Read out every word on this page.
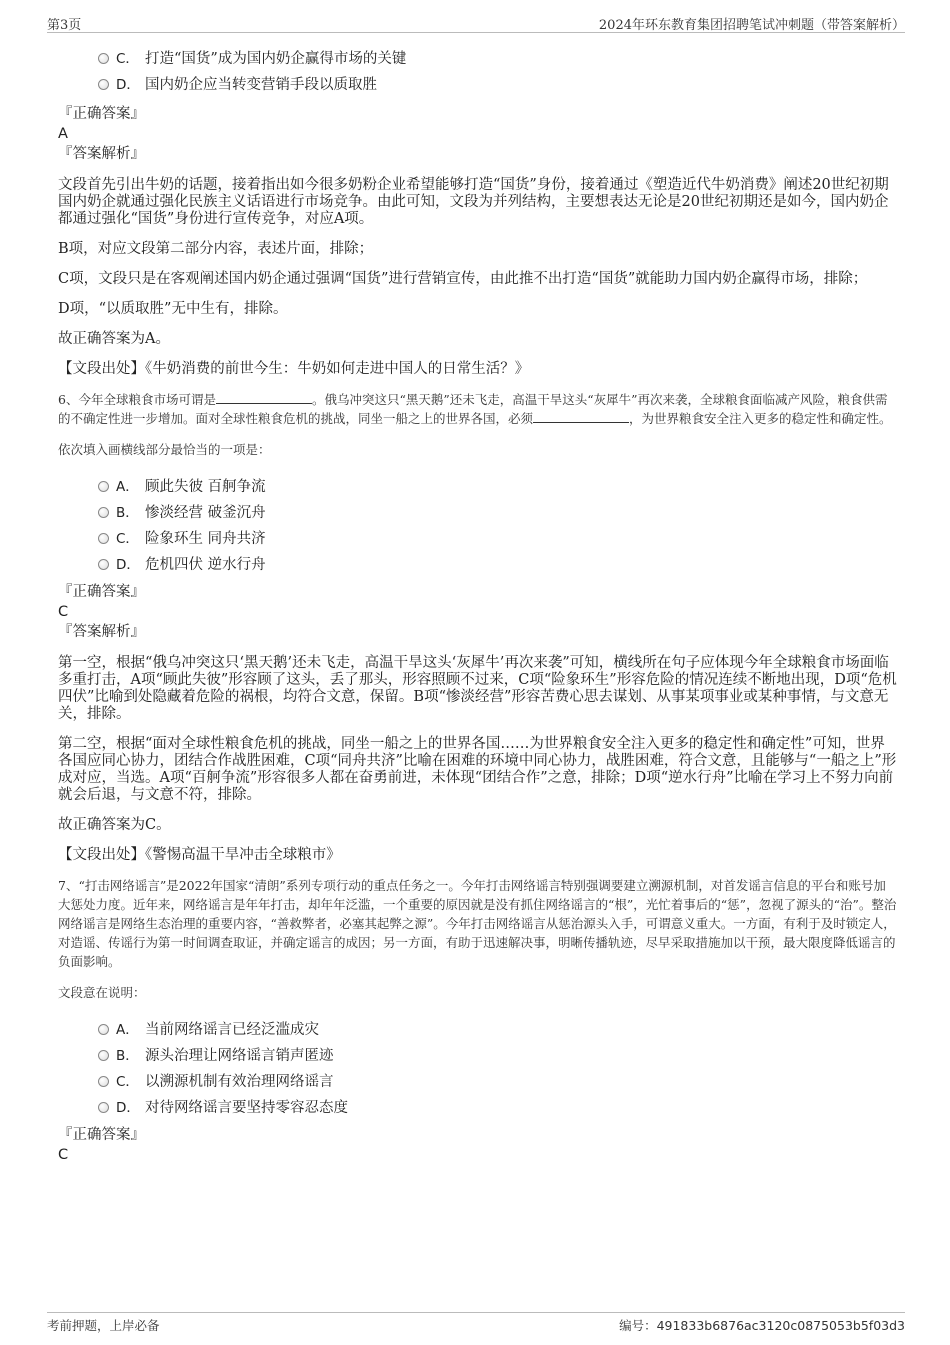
第3页	2024年环东教育集团招聘笔试冲刺题（带答案解析）
C． 打造“国货”成为国内奶企赢得市场的关键
D． 国内奶企应当转变营销手段以质取胜
『正确答案』
A
『答案解析』

文段首先引出牛奶的话题，接着指出如今很多奶粉企业希望能够打造“国货”身份，接着通过《塑造近代牛奶消费》阐述20世纪初期国内奶企就通过强化民族主义话语进行市场竞争。由此可知，文段为并列结构，主要想表达无论是20世纪初期还是如今，国内奶企都通过强化“国货”身份进行宣传竞争，对应A项。

B项，对应文段第二部分内容，表述片面，排除；

C项，文段只是在客观阐述国内奶企通过强调“国货”进行营销宣传，由此推不出打造“国货”就能助力国内奶企赢得市场，排除；

D项，“以质取胜”无中生有，排除。

故正确答案为A。

【文段出处】《牛奶消费的前世今生：牛奶如何走进中国人的日常生活？》

6、今年全球粮食市场可谓是	。俄乌冲突这只“黑天鹅”还未飞走，高温干旱这头“灰犀牛”再次来袭，全球粮食面临减产风险，粮食供需的不确定性进一步增加。面对全球性粮食危机的挑战，同坐一船之上的世界各国，必须	，为世界粮食安全注入更多的稳定性和确定性。

依次填入画横线部分最恰当的一项是：

A． 顾此失彼 百舸争流
B． 惨淡经营 破釜沉舟
C． 险象环生 同舟共济
D． 危机四伏 逆水行舟
『正确答案』
C
『答案解析』

第一空，根据“俄乌冲突这只‘黑天鹅’还未飞走，高温干旱这头‘灰犀牛’再次来袭”可知，横线所在句子应体现今年全球粮食市场面临多重打击，A项“顾此失彼”形容顾了这头，丢了那头，形容照顾不过来，C项“险象环生”形容危险的情况连续不断地出现，D项“危机四伏”比喻到处隐藏着危险的祸根，均符合文意，保留。B项“惨淡经营”形容苦费心思去谋划、从事某项事业或某种事情，与文意无关，排除。

第二空，根据“面对全球性粮食危机的挑战，同坐一船之上的世界各国……为世界粮食安全注入更多的稳定性和确定性”可知，世界各国应同心协力，团结合作战胜困难，C项“同舟共济”比喻在困难的环境中同心协力，战胜困难，符合文意，且能够与“一船之上”形成对应，当选。A项“百舸争流”形容很多人都在奋勇前进，未体现“团结合作”之意，排除；D项“逆水行舟”比喻在学习上不努力向前就会后退，与文意不符，排除。

故正确答案为C。

【文段出处】《警惕高温干旱冲击全球粮市》

7、“打击网络谣言”是2022年国家“清朗”系列专项行动的重点任务之一。今年打击网络谣言特别强调要建立溯源机制，对首发谣言信息的平台和账号加大惩处力度。近年来，网络谣言是年年打击，却年年泛滥，一个重要的原因就是没有抓住网络谣言的“根”，光忙着事后的“惩”，忽视了源头的“治”。整治网络谣言是网络生态治理的重要内容，“善救弊者，必塞其起弊之源”。今年打击网络谣言从惩治源头入手，可谓意义重大。一方面，有利于及时锁定人，对造谣、传谣行为第一时间调查取证，并确定谣言的成因；另一方面，有助于迅速解决事，明晰传播轨迹，尽早采取措施加以干预，最大限度降低谣言的负面影响。

文段意在说明：

A． 当前网络谣言已经泛滥成灾
B． 源头治理让网络谣言销声匿迹
C． 以溯源机制有效治理网络谣言
D． 对待网络谣言要坚持零容忍态度
『正确答案』
C
考前押题，上岸必备	编号：491833b6876ac3120c0875053b5f03d3
